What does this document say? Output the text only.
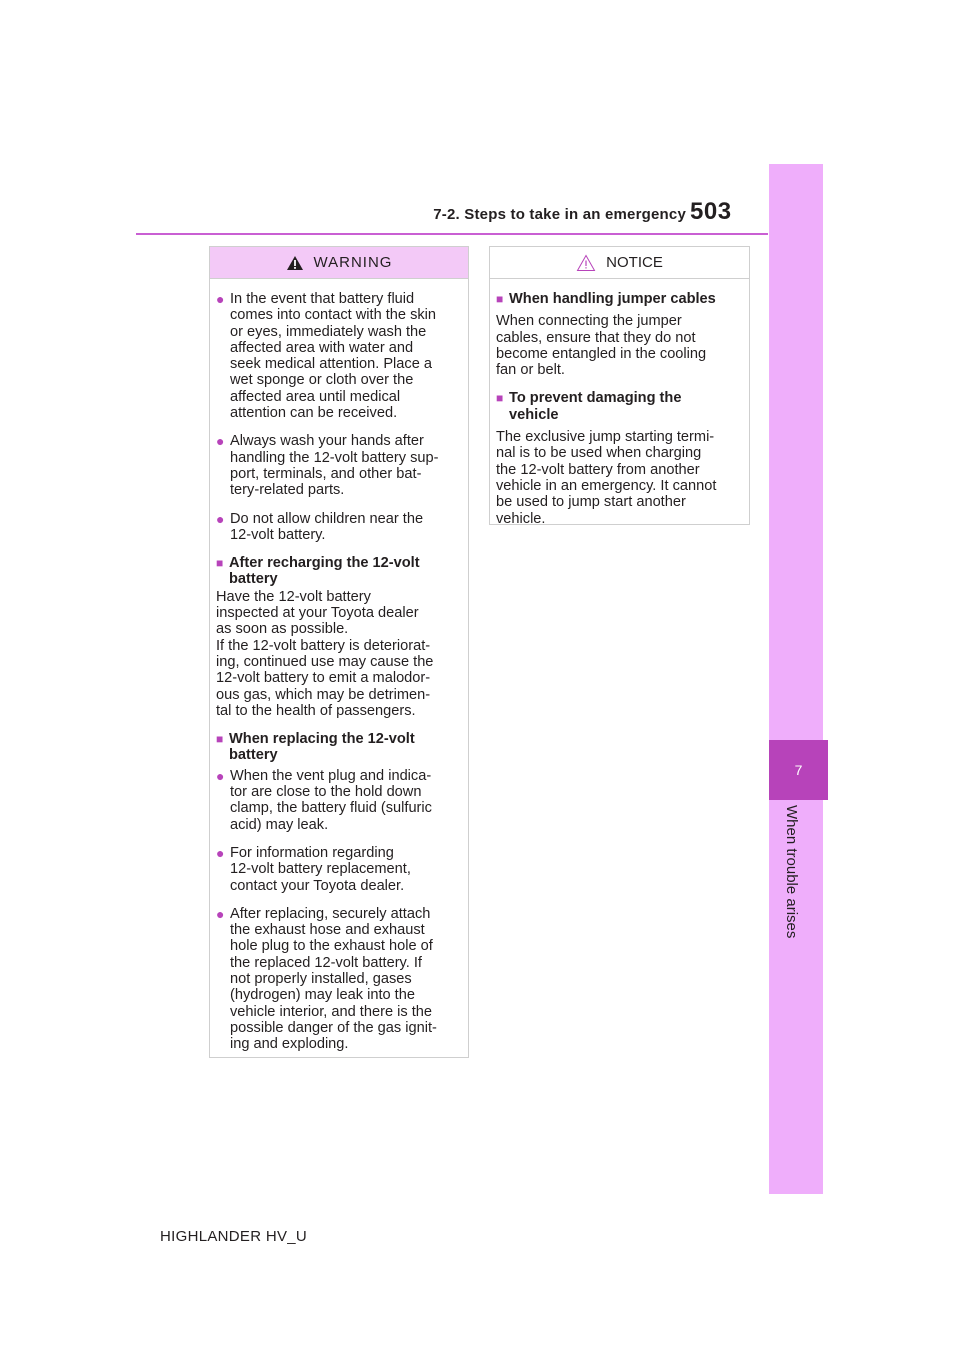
7-2. Steps to take in an emergency 503
7
When trouble arises
WARNING
● In the event that battery fluid
comes into contact with the skin
or eyes, immediately wash the
affected area with water and
seek medical attention. Place a
wet sponge or cloth over the
affected area until medical
attention can be received.
● Always wash your hands after
handling the 12-volt battery sup-
port, terminals, and other bat-
tery-related parts.
● Do not allow children near the
12-volt battery.
■ After recharging the 12-volt
battery
Have the 12-volt battery
inspected at your Toyota dealer
as soon as possible.
If the 12-volt battery is deteriorat-
ing, continued use may cause the
12-volt battery to emit a malodor-
ous gas, which may be detrimen-
tal to the health of passengers.
■ When replacing the 12-volt
battery
● When the vent plug and indica-
tor are close to the hold down
clamp, the battery fluid (sulfuric
acid) may leak.
● For information regarding
12-volt battery replacement,
contact your Toyota dealer.
● After replacing, securely attach
the exhaust hose and exhaust
hole plug to the exhaust hole of
the replaced 12-volt battery. If
not properly installed, gases
(hydrogen) may leak into the
vehicle interior, and there is the
possible danger of the gas ignit-
ing and exploding.
NOTICE
■ When handling jumper cables
When connecting the jumper
cables, ensure that they do not
become entangled in the cooling
fan or belt.
■ To prevent damaging the
vehicle
The exclusive jump starting termi-
nal is to be used when charging
the 12-volt battery from another
vehicle in an emergency. It cannot
be used to jump start another
vehicle.
HIGHLANDER HV_U
